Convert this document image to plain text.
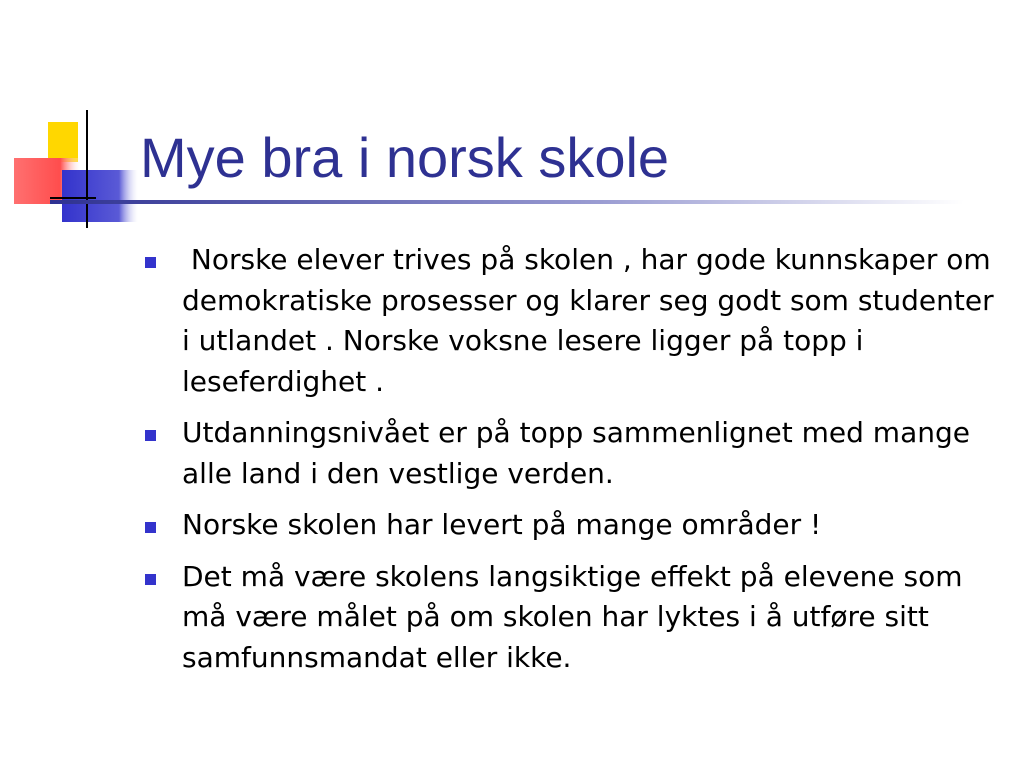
Mye bra i norsk skole
Norske elever trives på skolen , har gode kunnskaper om demokratiske prosesser og klarer seg godt som studenter i utlandet . Norske voksne lesere ligger på topp i leseferdighet .
Utdanningsnivået er på topp sammenlignet med mange alle land i den vestlige verden.
Norske skolen har levert på mange områder !
Det må være skolens langsiktige effekt på elevene som må være målet på om skolen har lyktes i å utføre sitt samfunnsmandat eller ikke.
